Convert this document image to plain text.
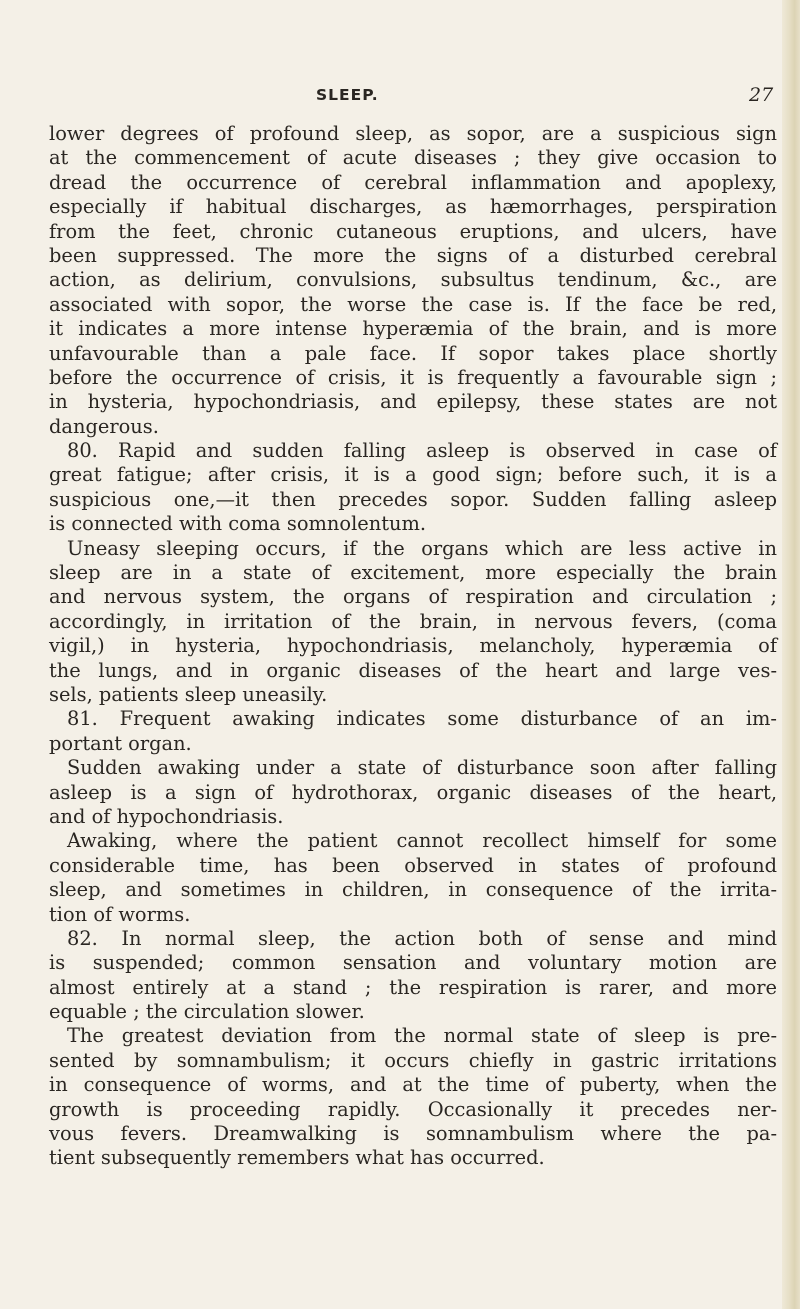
SLEEP.	27
lower degrees of profound sleep, as sopor, are a suspicious sign
at the commencement of acute diseases ; they give occasion to
dread the occurrence of cerebral inflammation and apoplexy,
especially if habitual discharges, as hæmorrhages, perspiration
from the feet, chronic cutaneous eruptions, and ulcers, have
been suppressed. The more the signs of a disturbed cerebral
action, as delirium, convulsions, subsultus tendinum, &c., are
associated with sopor, the worse the case is. If the face be red,
it indicates a more intense hyperæmia of the brain, and is more
unfavourable than a pale face. If sopor takes place shortly
before the occurrence of crisis, it is frequently a favourable sign ;
in hysteria, hypochondriasis, and epilepsy, these states are not
dangerous.
80. Rapid and sudden falling asleep is observed in case of
great fatigue; after crisis, it is a good sign; before such, it is a
suspicious one,—it then precedes sopor. Sudden falling asleep
is connected with coma somnolentum.
Uneasy sleeping occurs, if the organs which are less active in
sleep are in a state of excitement, more especially the brain
and nervous system, the organs of respiration and circulation ;
accordingly, in irritation of the brain, in nervous fevers, (coma
vigil,) in hysteria, hypochondriasis, melancholy, hyperæmia of
the lungs, and in organic diseases of the heart and large ves-
sels, patients sleep uneasily.
81. Frequent awaking indicates some disturbance of an im-
portant organ.
Sudden awaking under a state of disturbance soon after falling
asleep is a sign of hydrothorax, organic diseases of the heart,
and of hypochondriasis.
Awaking, where the patient cannot recollect himself for some
considerable time, has been observed in states of profound
sleep, and sometimes in children, in consequence of the irrita-
tion of worms.
82. In normal sleep, the action both of sense and mind
is suspended; common sensation and voluntary motion are
almost entirely at a stand ; the respiration is rarer, and more
equable ; the circulation slower.
The greatest deviation from the normal state of sleep is pre-
sented by somnambulism; it occurs chiefly in gastric irritations
in consequence of worms, and at the time of puberty, when the
growth is proceeding rapidly. Occasionally it precedes ner-
vous fevers. Dreamwalking is somnambulism where the pa-
tient subsequently remembers what has occurred.
